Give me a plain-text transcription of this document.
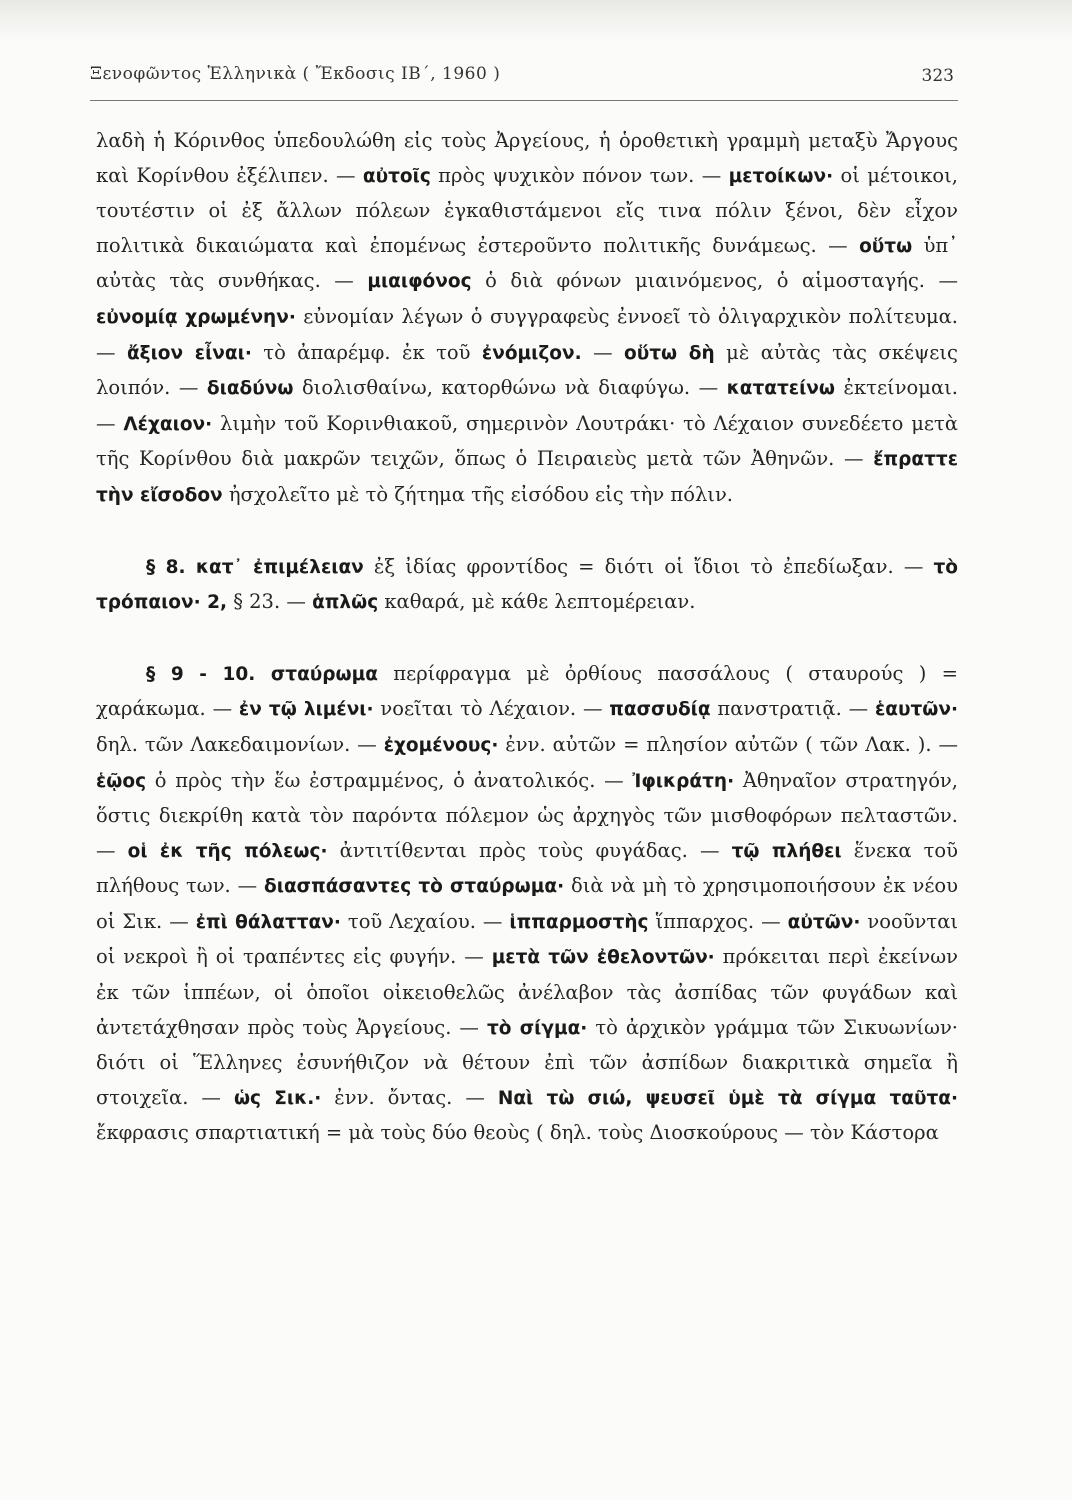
Ξενοφῶντος Ἑλληνικὰ ( Ἔκδοσις ΙΒ΄, 1960 )	323

λαδὴ ἡ Κόρινθος ὑπεδουλώθη εἰς τοὺς Ἀργείους, ἡ ὁροθετικὴ γραμμὴ μεταξὺ Ἄργους καὶ Κορίνθου ἐξέλιπεν. — αὐτοῖς πρὸς ψυχικὸν πόνον των. — μετοίκων· οἱ μέτοικοι, τουτέστιν οἱ ἐξ ἄλλων πόλεων ἐγκαθιστάμενοι εἴς τινα πόλιν ξένοι, δὲν εἶχον πολιτικὰ δικαιώματα καὶ ἐπομένως ἐστεροῦντο πολιτικῆς δυνάμεως. — οὕτω ὑπ᾽ αὐτὰς τὰς συνθήκας. — μιαιφόνος ὁ διὰ φόνων μιαινόμενος, ὁ αἱμοσταγής. — εὐνομίᾳ χρωμένην· εὐνομίαν λέγων ὁ συγγραφεὺς ἐννοεῖ τὸ ὀλιγαρχικὸν πολίτευμα. — ἄξιον εἶναι· τὸ ἀπαρέμφ. ἐκ τοῦ ἐνόμιζον. — οὕτω δὴ μὲ αὐτὰς τὰς σκέψεις λοιπόν. — διαδύνω διολισθαίνω, κατορθώνω νὰ διαφύγω. — κατατείνω ἐκτείνομαι. — Λέχαιον· λιμὴν τοῦ Κορινθιακοῦ, σημερινὸν Λουτράκι· τὸ Λέχαιον συνεδέετο μετὰ τῆς Κορίνθου διὰ μακρῶν τειχῶν, ὅπως ὁ Πειραιεὺς μετὰ τῶν Ἀθηνῶν. — ἔπραττε τὴν εἴσοδον ἠσχολεῖτο μὲ τὸ ζήτημα τῆς εἰσόδου εἰς τὴν πόλιν.

§ 8. κατ᾽ ἐπιμέλειαν ἐξ ἰδίας φροντίδος = διότι οἱ ἴδιοι τὸ ἐπεδίωξαν. — τὸ τρόπαιον· 2, § 23. — ἁπλῶς καθαρά, μὲ κάθε λεπτομέρειαν.

§ 9 - 10. σταύρωμα περίφραγμα μὲ ὀρθίους πασσάλους ( σταυρούς ) = χαράκωμα. — ἐν τῷ λιμένι· νοεῖται τὸ Λέχαιον. — πασσυδίᾳ πανστρατιᾷ. — ἑαυτῶν· δηλ. τῶν Λακεδαιμονίων. — ἐχομένους· ἐνν. αὐτῶν = πλησίον αὐτῶν ( τῶν Λακ. ). — ἑῷος ὁ πρὸς τὴν ἕω ἐστραμμένος, ὁ ἀνατολικός. — Ἰφικράτη· Ἀθηναῖον στρατηγόν, ὅστις διεκρίθη κατὰ τὸν παρόντα πόλεμον ὡς ἀρχηγὸς τῶν μισθοφόρων πελταστῶν. — οἱ ἐκ τῆς πόλεως· ἀντιτίθενται πρὸς τοὺς φυγάδας. — τῷ πλήθει ἕνεκα τοῦ πλήθους των. — διασπάσαντες τὸ σταύρωμα· διὰ νὰ μὴ τὸ χρησιμοποιήσουν ἐκ νέου οἱ Σικ. — ἐπὶ θάλατταν· τοῦ Λεχαίου. — ἱππαρμοστὴς ἵππαρχος. — αὐτῶν· νοοῦνται οἱ νεκροὶ ἢ οἱ τραπέντες εἰς φυγήν. — μετὰ τῶν ἐθελοντῶν· πρόκειται περὶ ἐκείνων ἐκ τῶν ἱππέων, οἱ ὁποῖοι οἰκειοθελῶς ἀνέλαβον τὰς ἀσπίδας τῶν φυγάδων καὶ ἀντετάχθησαν πρὸς τοὺς Ἀργείους. — τὸ σίγμα· τὸ ἀρχικὸν γράμμα τῶν Σικυωνίων· διότι οἱ Ἕλληνες ἐσυνήθιζον νὰ θέτουν ἐπὶ τῶν ἀσπίδων διακριτικὰ σημεῖα ἢ στοιχεῖα. — ὡς Σικ.· ἐνν. ὄντας. — Ναὶ τὼ σιώ, ψευσεῖ ὑμὲ τὰ σίγμα ταῦτα· ἔκφρασις σπαρτιατική = μὰ τοὺς δύο θεοὺς ( δηλ. τοὺς Διοσκούρους — τὸν Κάστορα
